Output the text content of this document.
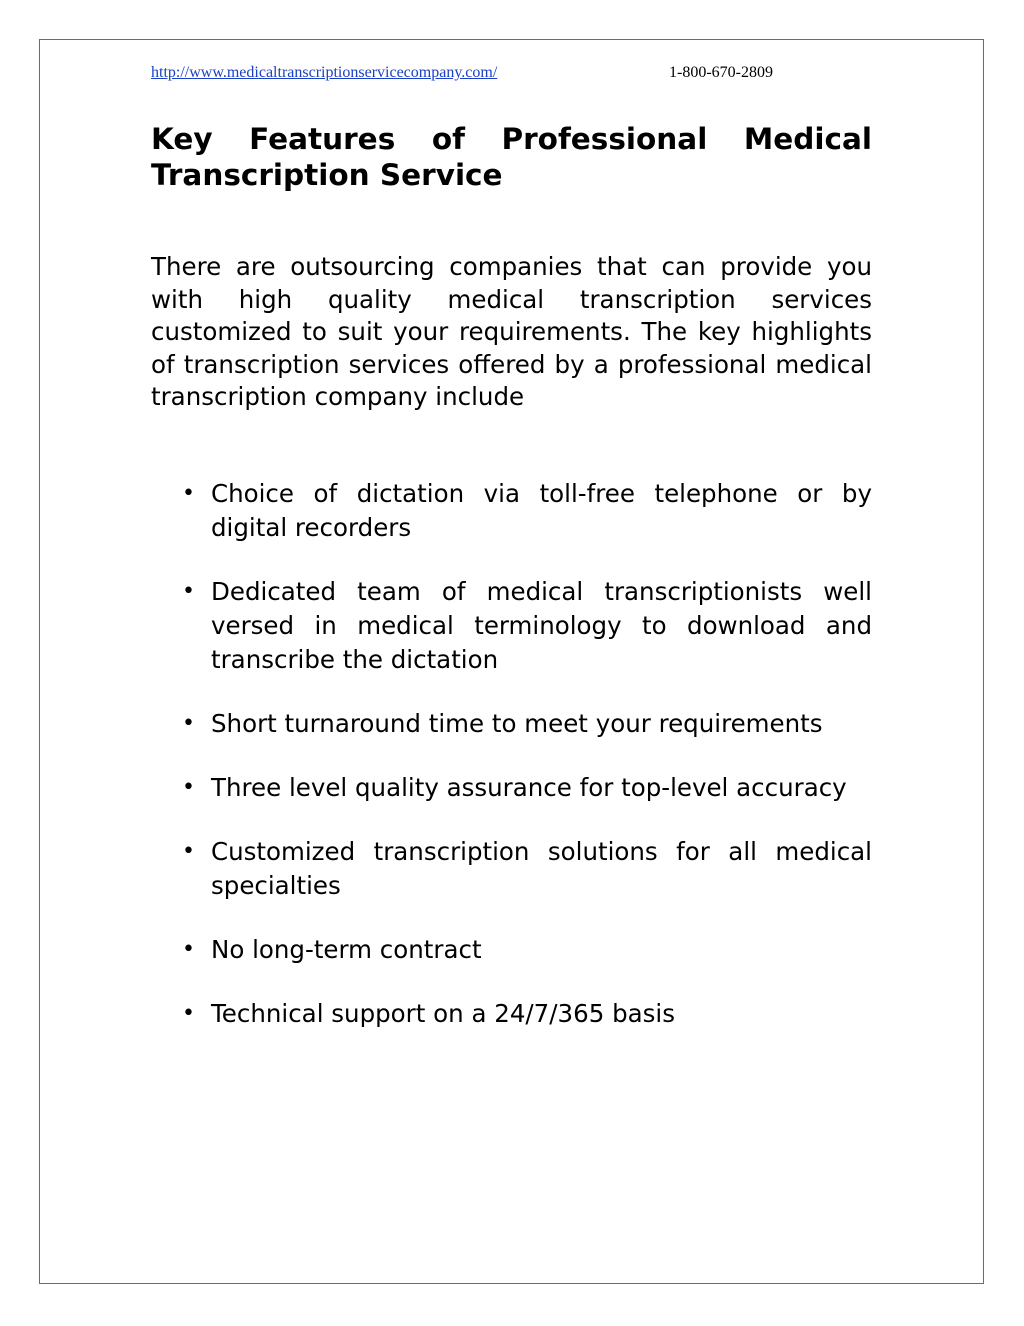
http://www.medicaltranscriptionservicecompany.com/	1-800-670-2809
Key Features of Professional Medical Transcription Service

There are outsourcing companies that can provide you with high quality medical transcription services customized to suit your requirements. The key highlights of transcription services offered by a professional medical transcription company include

• Choice of dictation via toll-free telephone or by digital recorders
• Dedicated team of medical transcriptionists well versed in medical terminology to download and transcribe the dictation
• Short turnaround time to meet your requirements
• Three level quality assurance for top-level accuracy
• Customized transcription solutions for all medical specialties
• No long-term contract
• Technical support on a 24/7/365 basis
